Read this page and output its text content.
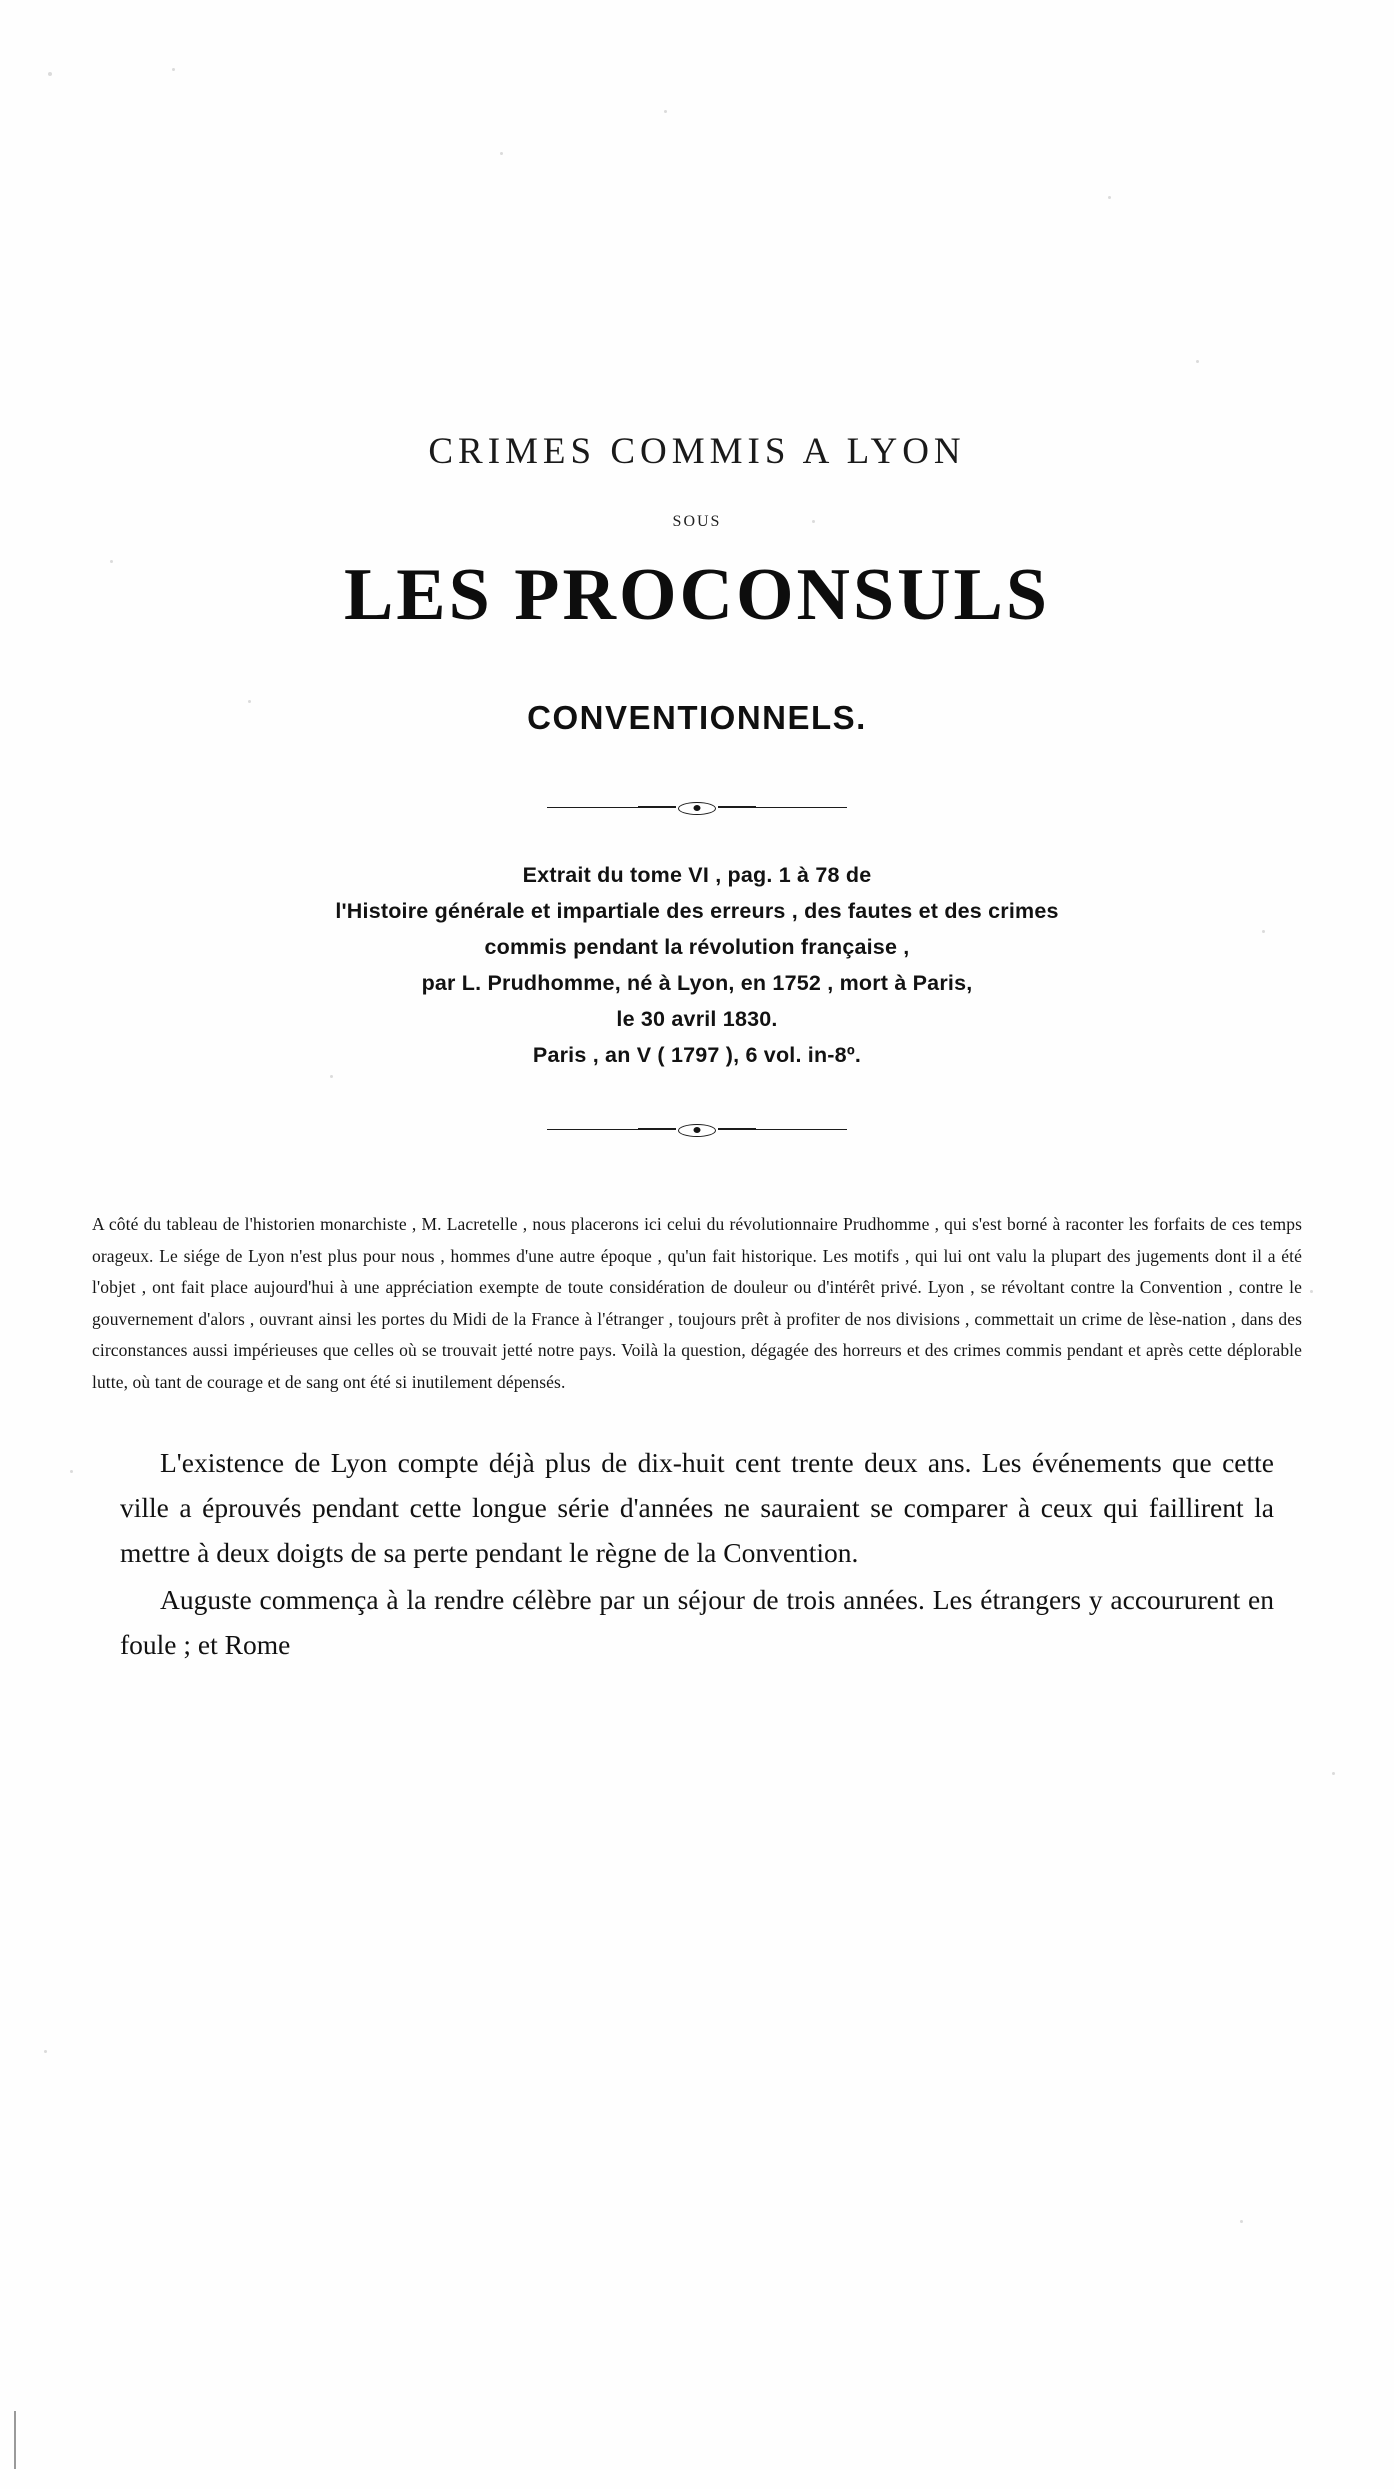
CRIMES COMMIS A LYON
SOUS
LES PROCONSULS
CONVENTIONNELS.
Extrait du tome VI , pag. 1 à 78 de
l'Histoire générale et impartiale des erreurs , des fautes et des crimes
commis pendant la révolution française ,
par L. Prudhomme, né à Lyon, en 1752 , mort à Paris,
le 30 avril 1830.
Paris , an V ( 1797 ), 6 vol. in-8º.
A côté du tableau de l'historien monarchiste , M. Lacretelle , nous placerons ici celui du révolutionnaire Prudhomme , qui s'est borné à raconter les forfaits de ces temps orageux. Le siége de Lyon n'est plus pour nous , hommes d'une autre époque , qu'un fait historique. Les motifs , qui lui ont valu la plupart des jugements dont il a été l'objet , ont fait place aujourd'hui à une appréciation exempte de toute considération de douleur ou d'intérêt privé. Lyon , se révoltant contre la Convention , contre le gouvernement d'alors , ouvrant ainsi les portes du Midi de la France à l'étranger , toujours prêt à profiter de nos divisions , commettait un crime de lèse-nation , dans des circonstances aussi impérieuses que celles où se trouvait jetté notre pays. Voilà la question, dégagée des horreurs et des crimes commis pendant et après cette déplorable lutte, où tant de courage et de sang ont été si inutilement dépensés.

L'existence de Lyon compte déjà plus de dix-huit cent trente deux ans. Les événements que cette ville a éprouvés pendant cette longue série d'années ne sauraient se comparer à ceux qui faillirent la mettre à deux doigts de sa perte pendant le règne de la Convention.

Auguste commença à la rendre célèbre par un séjour de trois années. Les étrangers y accoururent en foule ; et Rome
